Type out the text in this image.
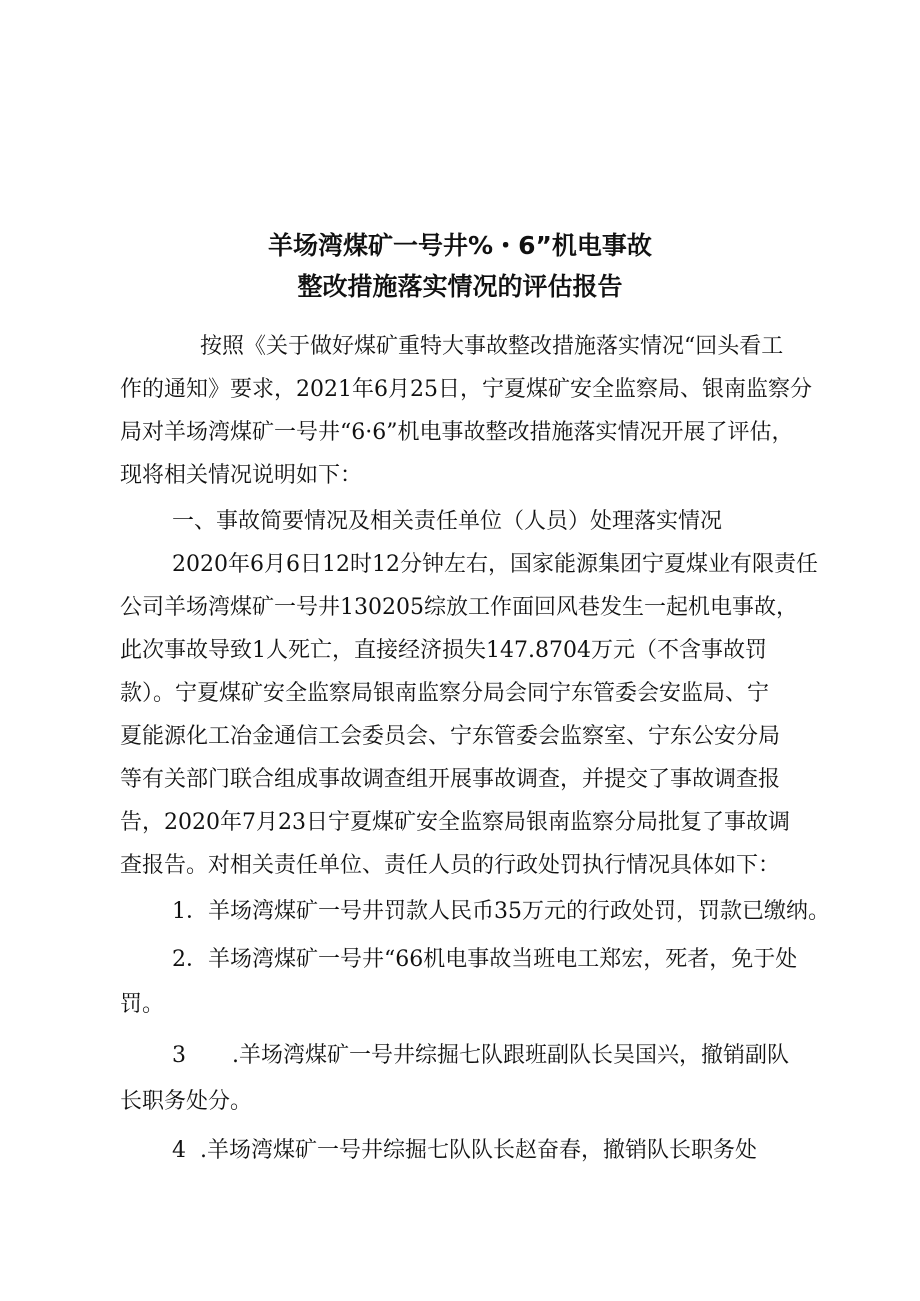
羊场湾煤矿一号井%・6”机电事故
整改措施落实情况的评估报告
按照《关于做好煤矿重特大事故整改措施落实情况“回头看工
作的通知》要求，2021年6月25日，宁夏煤矿安全监察局、银南监察分
局对羊场湾煤矿一号井“6·6”机电事故整改措施落实情况开展了评估，
现将相关情况说明如下：
一、事故简要情况及相关责任单位（人员）处理落实情况
2020年6月6日12时12分钟左右，国家能源集团宁夏煤业有限责任
公司羊场湾煤矿一号井130205综放工作面回风巷发生一起机电事故，
此次事故导致1人死亡，直接经济损失147.8704万元（不含事故罚
款）。宁夏煤矿安全监察局银南监察分局会同宁东管委会安监局、宁
夏能源化工冶金通信工会委员会、宁东管委会监察室、宁东公安分局
等有关部门联合组成事故调查组开展事故调查，并提交了事故调查报
告，2020年7月23日宁夏煤矿安全监察局银南监察分局批复了事故调
查报告。对相关责任单位、责任人员的行政处罚执行情况具体如下：
1．羊场湾煤矿一号井罚款人民币35万元的行政处罚，罚款已缴纳。
2．羊场湾煤矿一号井“66机电事故当班电工郑宏，死者，免于处
罚。
3 .羊场湾煤矿一号井综掘七队跟班副队长吴国兴，撤销副队
长职务处分。
4 .羊场湾煤矿一号井综掘七队队长赵奋春，撤销队长职务处
